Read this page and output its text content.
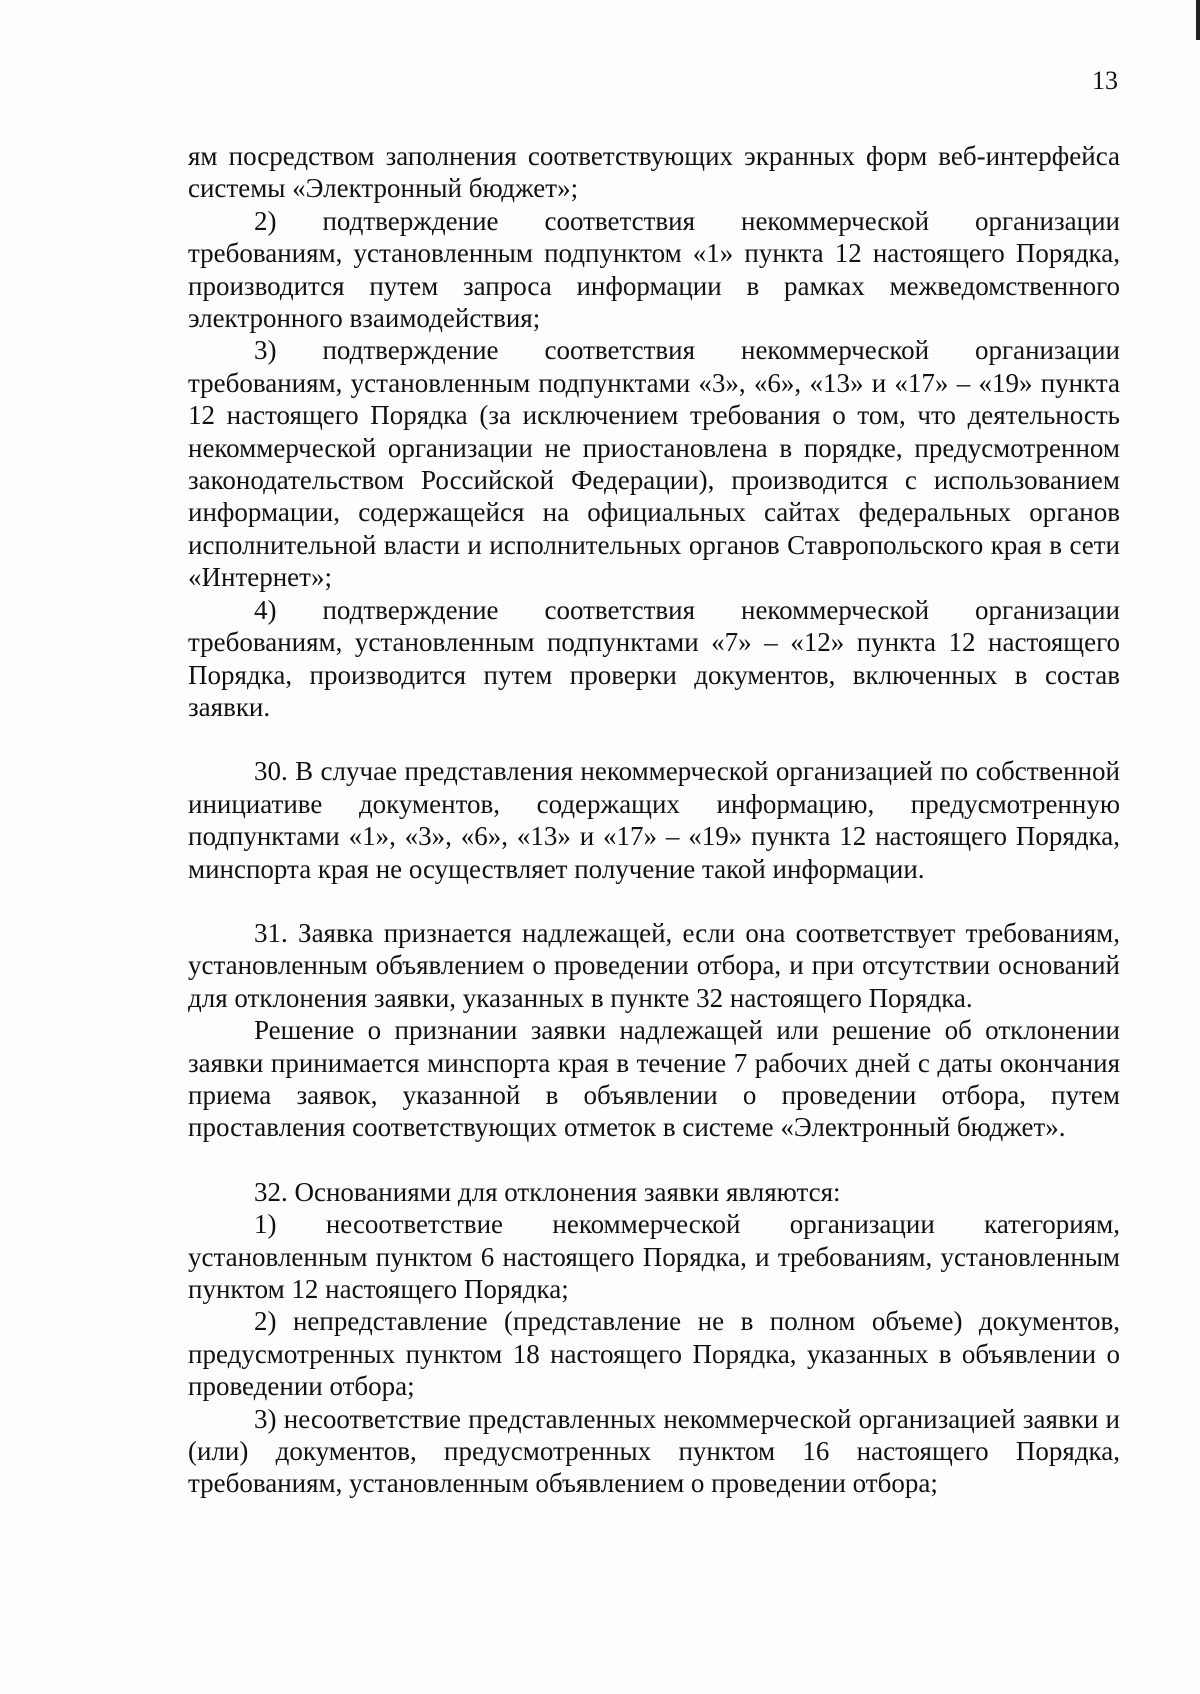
13

ям посредством заполнения соответствующих экранных форм веб-интерфейса системы «Электронный бюджет»;

2) подтверждение соответствия некоммерческой организации требованиям, установленным подпунктом «1» пункта 12 настоящего Порядка, производится путем запроса информации в рамках межведомственного электронного взаимодействия;

3) подтверждение соответствия некоммерческой организации требованиям, установленным подпунктами «3», «6», «13» и «17» – «19» пункта 12 настоящего Порядка (за исключением требования о том, что деятельность некоммерческой организации не приостановлена в порядке, предусмотренном законодательством Российской Федерации), производится с использованием информации, содержащейся на официальных сайтах федеральных органов исполнительной власти и исполнительных органов Ставропольского края в сети «Интернет»;

4) подтверждение соответствия некоммерческой организации требованиям, установленным подпунктами «7» – «12» пункта 12 настоящего Порядка, производится путем проверки документов, включенных в состав заявки.

30. В случае представления некоммерческой организацией по собственной инициативе документов, содержащих информацию, предусмотренную подпунктами «1», «3», «6», «13» и «17» – «19» пункта 12 настоящего Порядка, минспорта края не осуществляет получение такой информации.

31. Заявка признается надлежащей, если она соответствует требованиям, установленным объявлением о проведении отбора, и при отсутствии оснований для отклонения заявки, указанных в пункте 32 настоящего Порядка.

Решение о признании заявки надлежащей или решение об отклонении заявки принимается минспорта края в течение 7 рабочих дней с даты окончания приема заявок, указанной в объявлении о проведении отбора, путем проставления соответствующих отметок в системе «Электронный бюджет».

32. Основаниями для отклонения заявки являются:

1) несоответствие некоммерческой организации категориям, установленным пунктом 6 настоящего Порядка, и требованиям, установленным пунктом 12 настоящего Порядка;

2) непредставление (представление не в полном объеме) документов, предусмотренных пунктом 18 настоящего Порядка, указанных в объявлении о проведении отбора;

3) несоответствие представленных некоммерческой организацией заявки и (или) документов, предусмотренных пунктом 16 настоящего Порядка, требованиям, установленным объявлением о проведении отбора;
